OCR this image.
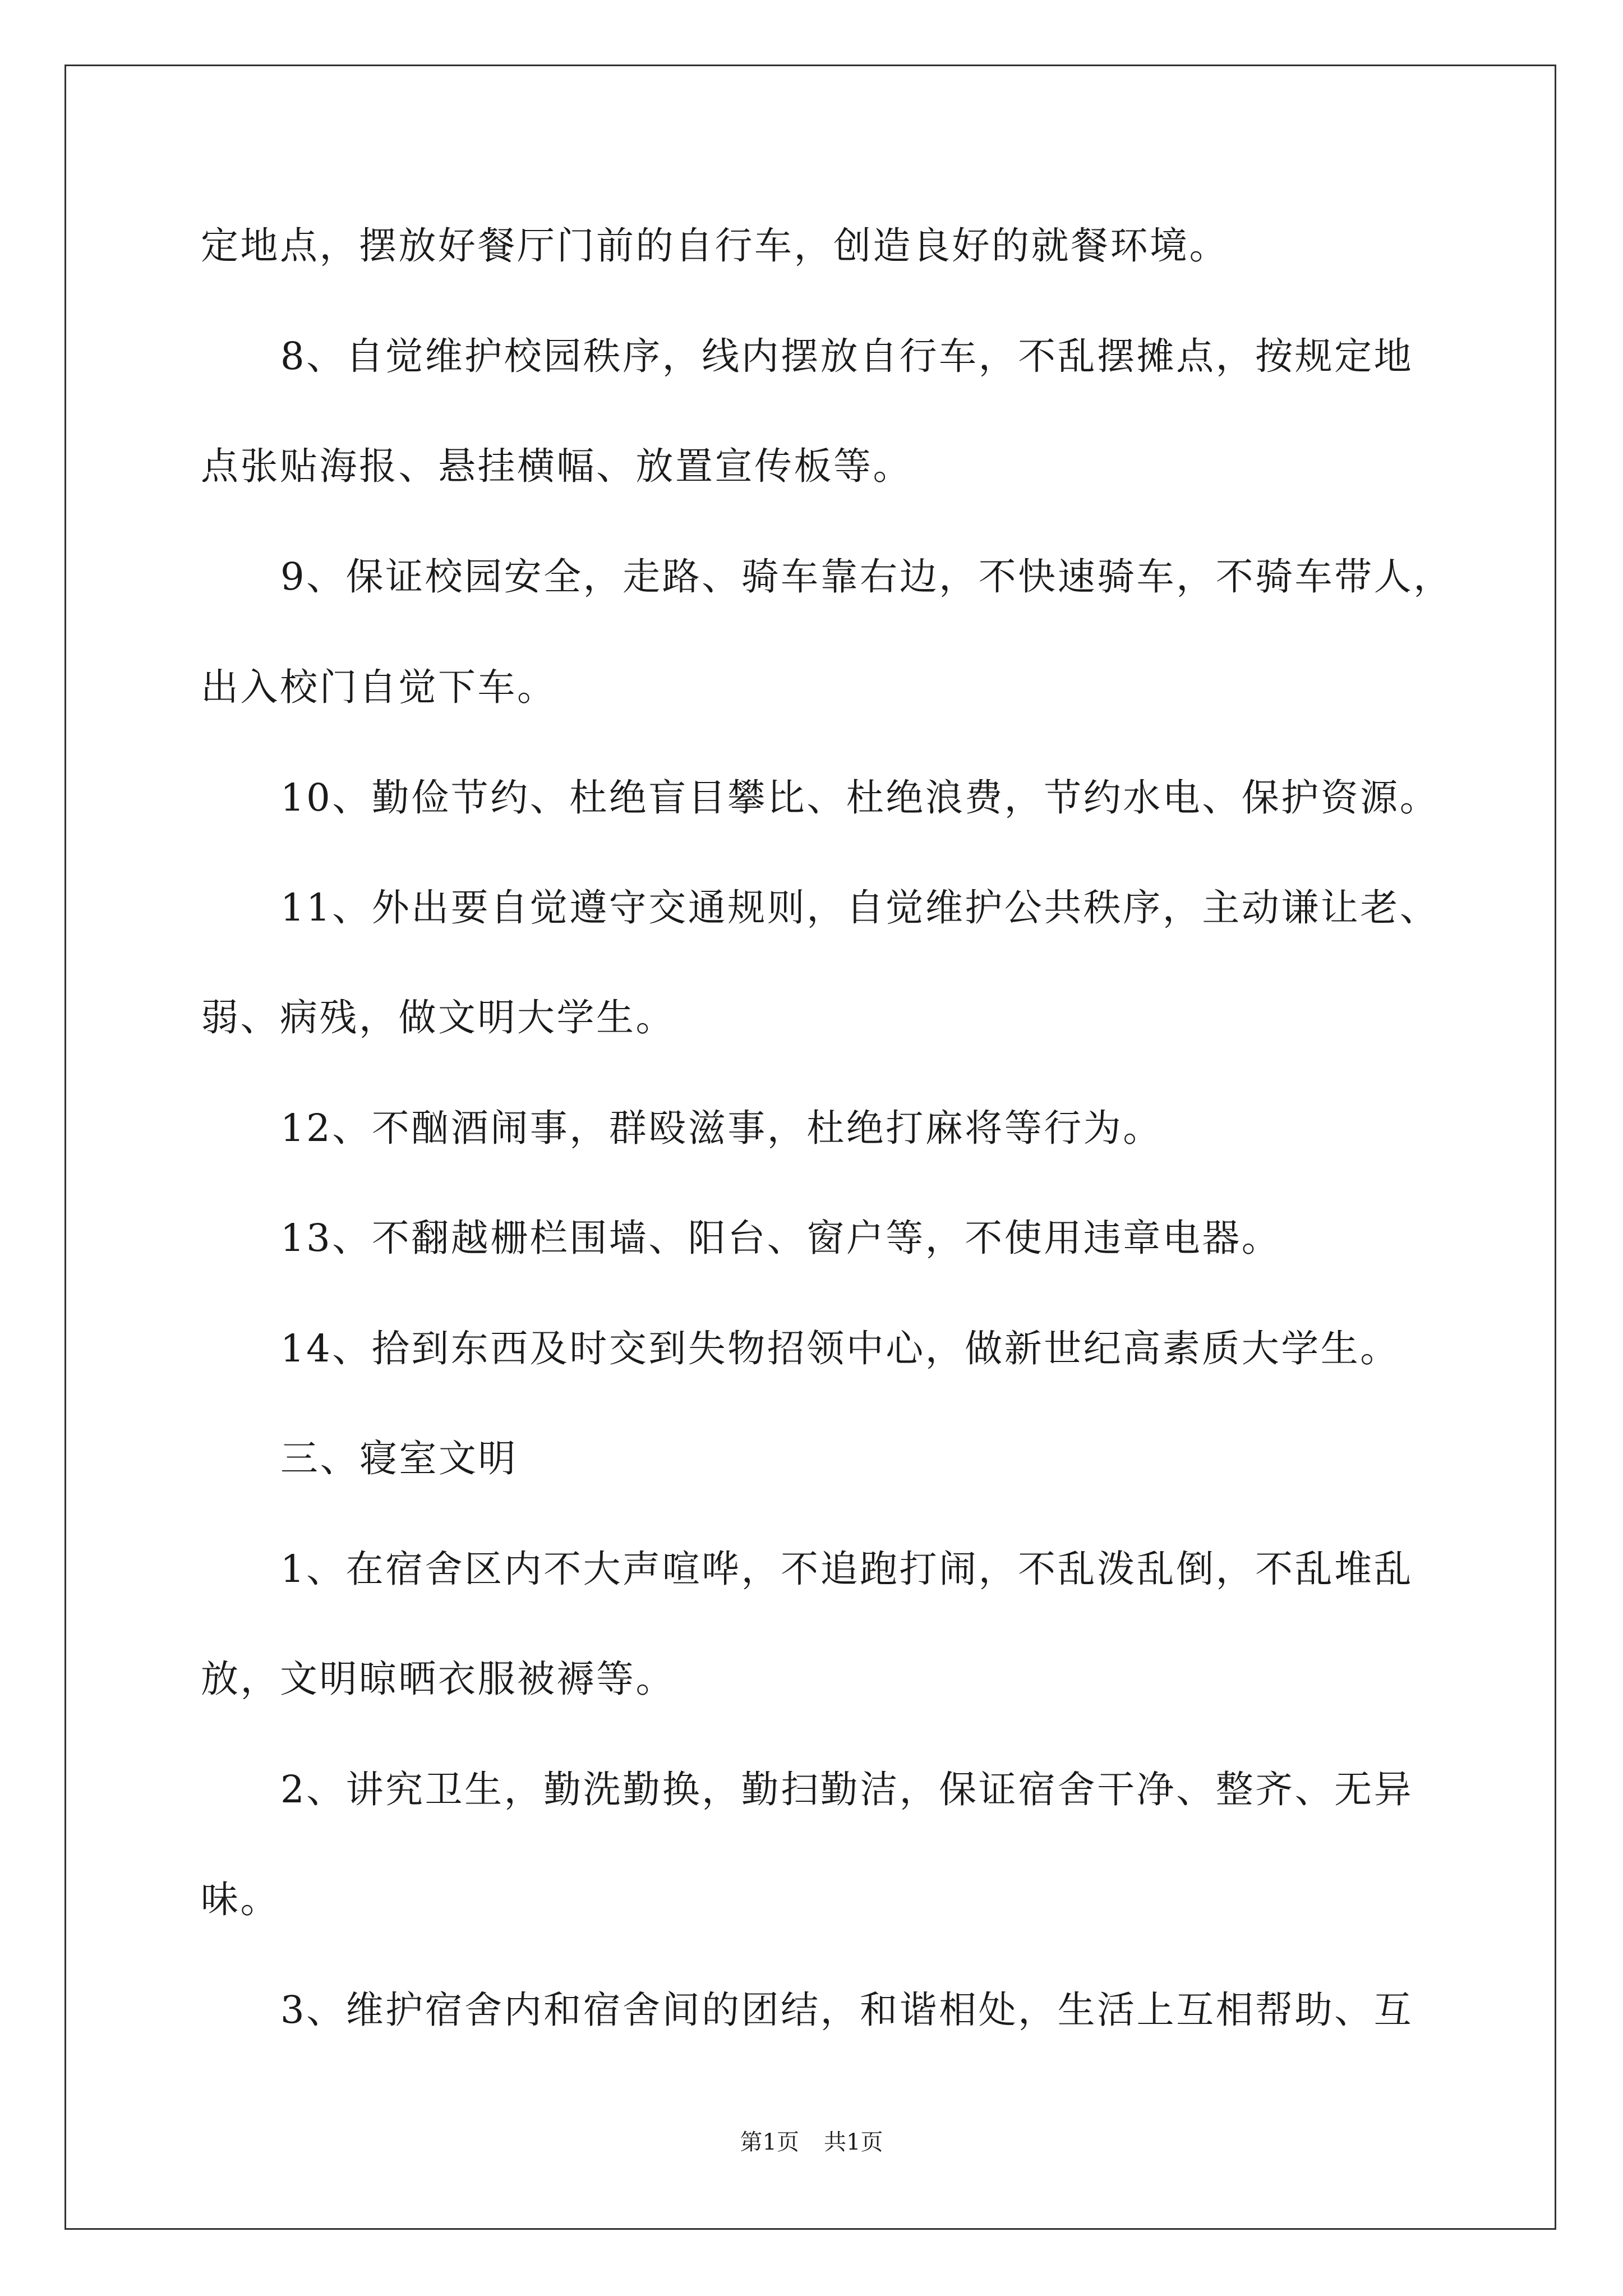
定地点，摆放好餐厅门前的自行车，创造良好的就餐环境。
8、自觉维护校园秩序，线内摆放自行车，不乱摆摊点，按规定地
点张贴海报、悬挂横幅、放置宣传板等。
9、保证校园安全，走路、骑车靠右边，不快速骑车，不骑车带人，
出入校门自觉下车。
10、勤俭节约、杜绝盲目攀比、杜绝浪费，节约水电、保护资源。
11、外出要自觉遵守交通规则，自觉维护公共秩序，主动谦让老、
弱、病残，做文明大学生。
12、不酗酒闹事，群殴滋事，杜绝打麻将等行为。
13、不翻越栅栏围墙、阳台、窗户等，不使用违章电器。
14、拾到东西及时交到失物招领中心，做新世纪高素质大学生。
三、寝室文明
1、在宿舍区内不大声喧哗，不追跑打闹，不乱泼乱倒，不乱堆乱
放，文明晾晒衣服被褥等。
2、讲究卫生，勤洗勤换，勤扫勤洁，保证宿舍干净、整齐、无异
味。
3、维护宿舍内和宿舍间的团结，和谐相处，生活上互相帮助、互
第1页 共1页
